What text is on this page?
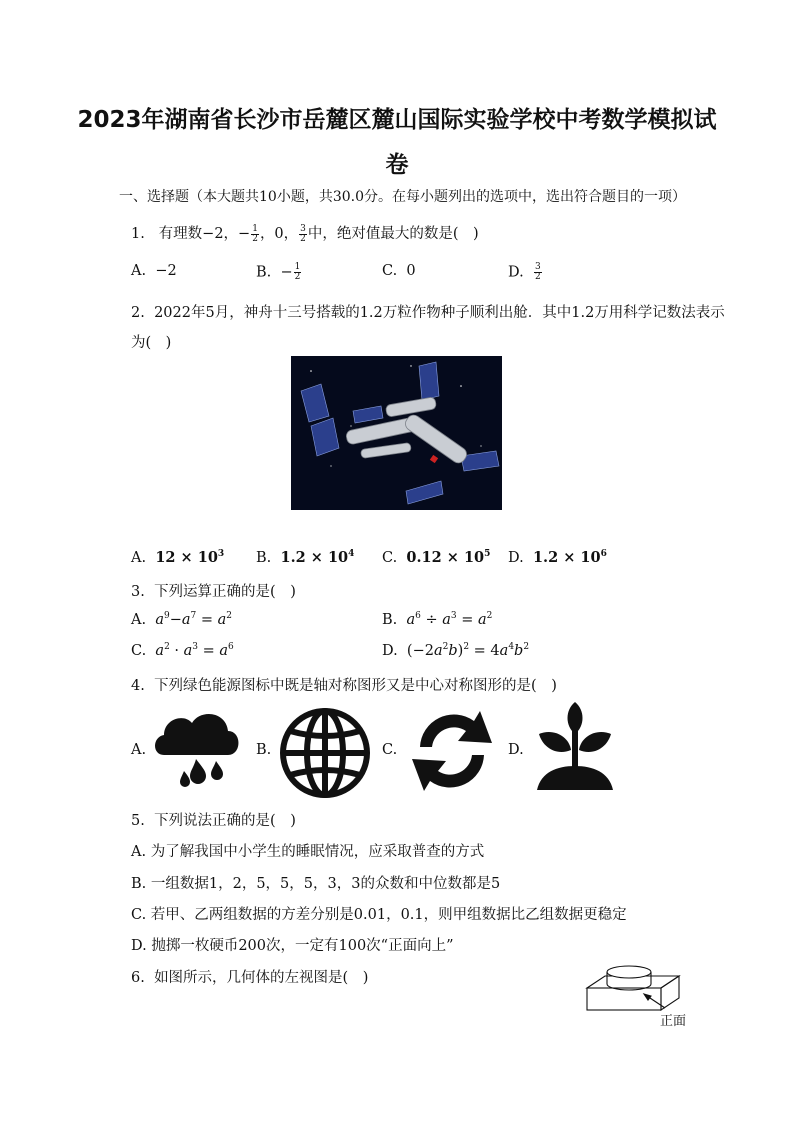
2023年湖南省长沙市岳麓区麓山国际实验学校中考数学模拟试
卷
一、选择题（本大题共10小题，共30.0分。在每小题列出的选项中，选出符合题目的一项）
1. 有理数−2，− $\frac{1}{2}$ ，0， $\frac{3}{2}$ 中，绝对值最大的数是(　)
A. −2	B. − $\frac{1}{2}$	C. 0	D. $\frac{3}{2}$
2. 2022年5月，神舟十三号搭载的1.2万粒作物种子顺利出舱．其中1.2万用科学记数法表示
为(　)
A. $12 \times 10^3$ B. $1.2 \times 10^4$ C. $0.12 \times 10^5$ D. $1.2 \times 10^6$
3. 下列运算正确的是(　)
A. $a^9-a^7 = a^2$	B. $a^6 \div a^3 = a^2$
C. $a^2 \cdot a^3 = a^6$	D.  $(-2a^2b)^2 = 4a^4b^2$
4. 下列绿色能源图标中既是轴对称图形又是中心对称图形的是(　)
A.	B.	C.	D.
5. 下列说法正确的是(　)
A. 为了解我国中小学生的睡眠情况，应采取普查的方式
B. 一组数据1，2，5，5，5，3，3的众数和中位数都是5
C. 若甲、乙两组数据的方差分别是0.01，0.1，则甲组数据比乙组数据更稳定
D. 抛掷一枚硬币200次，一定有100次“正面向上”
6. 如图所示，几何体的左视图是(　)
正面
